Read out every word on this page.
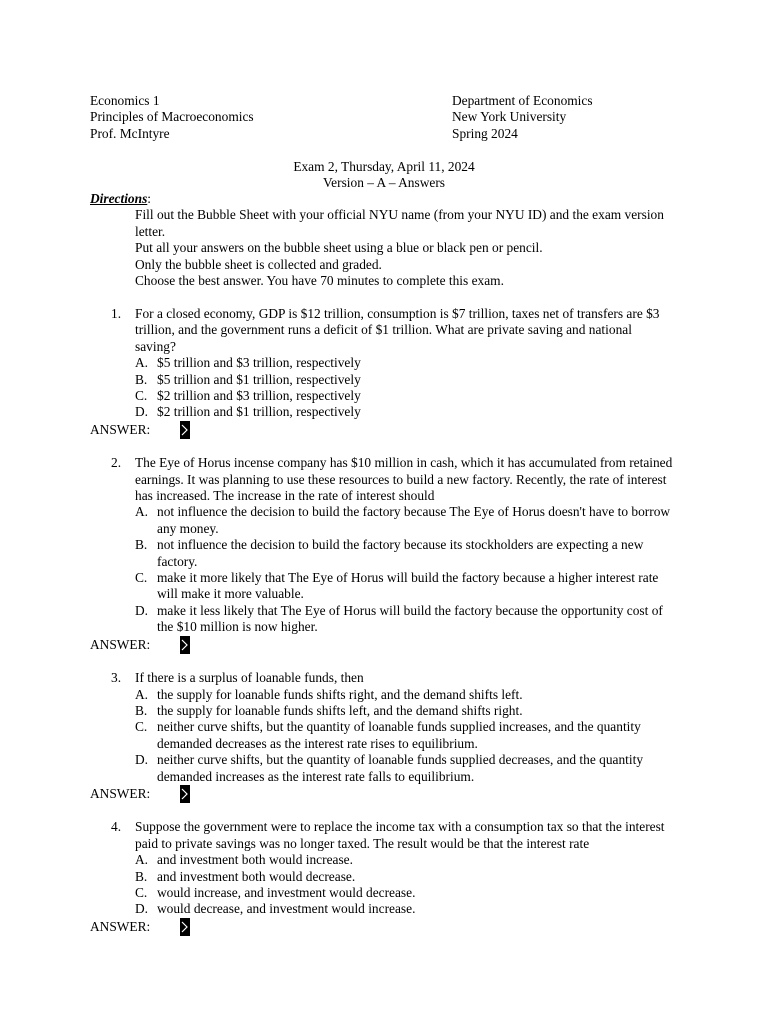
Economics 1
Principles of Macroeconomics
Prof. McIntyre
Department of Economics
New York University
Spring 2024
Exam 2, Thursday, April 11, 2024
Version – A – Answers
Directions:
Fill out the Bubble Sheet with your official NYU name (from your NYU ID) and the exam version letter.
Put all your answers on the bubble sheet using a blue or black pen or pencil.
Only the bubble sheet is collected and graded.
Choose the best answer. You have 70 minutes to complete this exam.
1.	For a closed economy, GDP is $12 trillion, consumption is $7 trillion, taxes net of transfers are $3 trillion, and the government runs a deficit of $1 trillion. What are private saving and national saving?
A. $5 trillion and $3 trillion, respectively
B. $5 trillion and $1 trillion, respectively
C. $2 trillion and $3 trillion, respectively
D. $2 trillion and $1 trillion, respectively
ANSWER:
2.	The Eye of Horus incense company has $10 million in cash, which it has accumulated from retained earnings. It was planning to use these resources to build a new factory. Recently, the rate of interest has increased. The increase in the rate of interest should
A. not influence the decision to build the factory because The Eye of Horus doesn't have to borrow any money.
B. not influence the decision to build the factory because its stockholders are expecting a new factory.
C. make it more likely that The Eye of Horus will build the factory because a higher interest rate will make it more valuable.
D. make it less likely that The Eye of Horus will build the factory because the opportunity cost of the $10 million is now higher.
ANSWER:
3.	If there is a surplus of loanable funds, then
A. the supply for loanable funds shifts right, and the demand shifts left.
B. the supply for loanable funds shifts left, and the demand shifts right.
C. neither curve shifts, but the quantity of loanable funds supplied increases, and the quantity demanded decreases as the interest rate rises to equilibrium.
D. neither curve shifts, but the quantity of loanable funds supplied decreases, and the quantity demanded increases as the interest rate falls to equilibrium.
ANSWER:
4.	Suppose the government were to replace the income tax with a consumption tax so that the interest paid to private savings was no longer taxed. The result would be that the interest rate
A. and investment both would increase.
B. and investment both would decrease.
C. would increase, and investment would decrease.
D. would decrease, and investment would increase.
ANSWER:
